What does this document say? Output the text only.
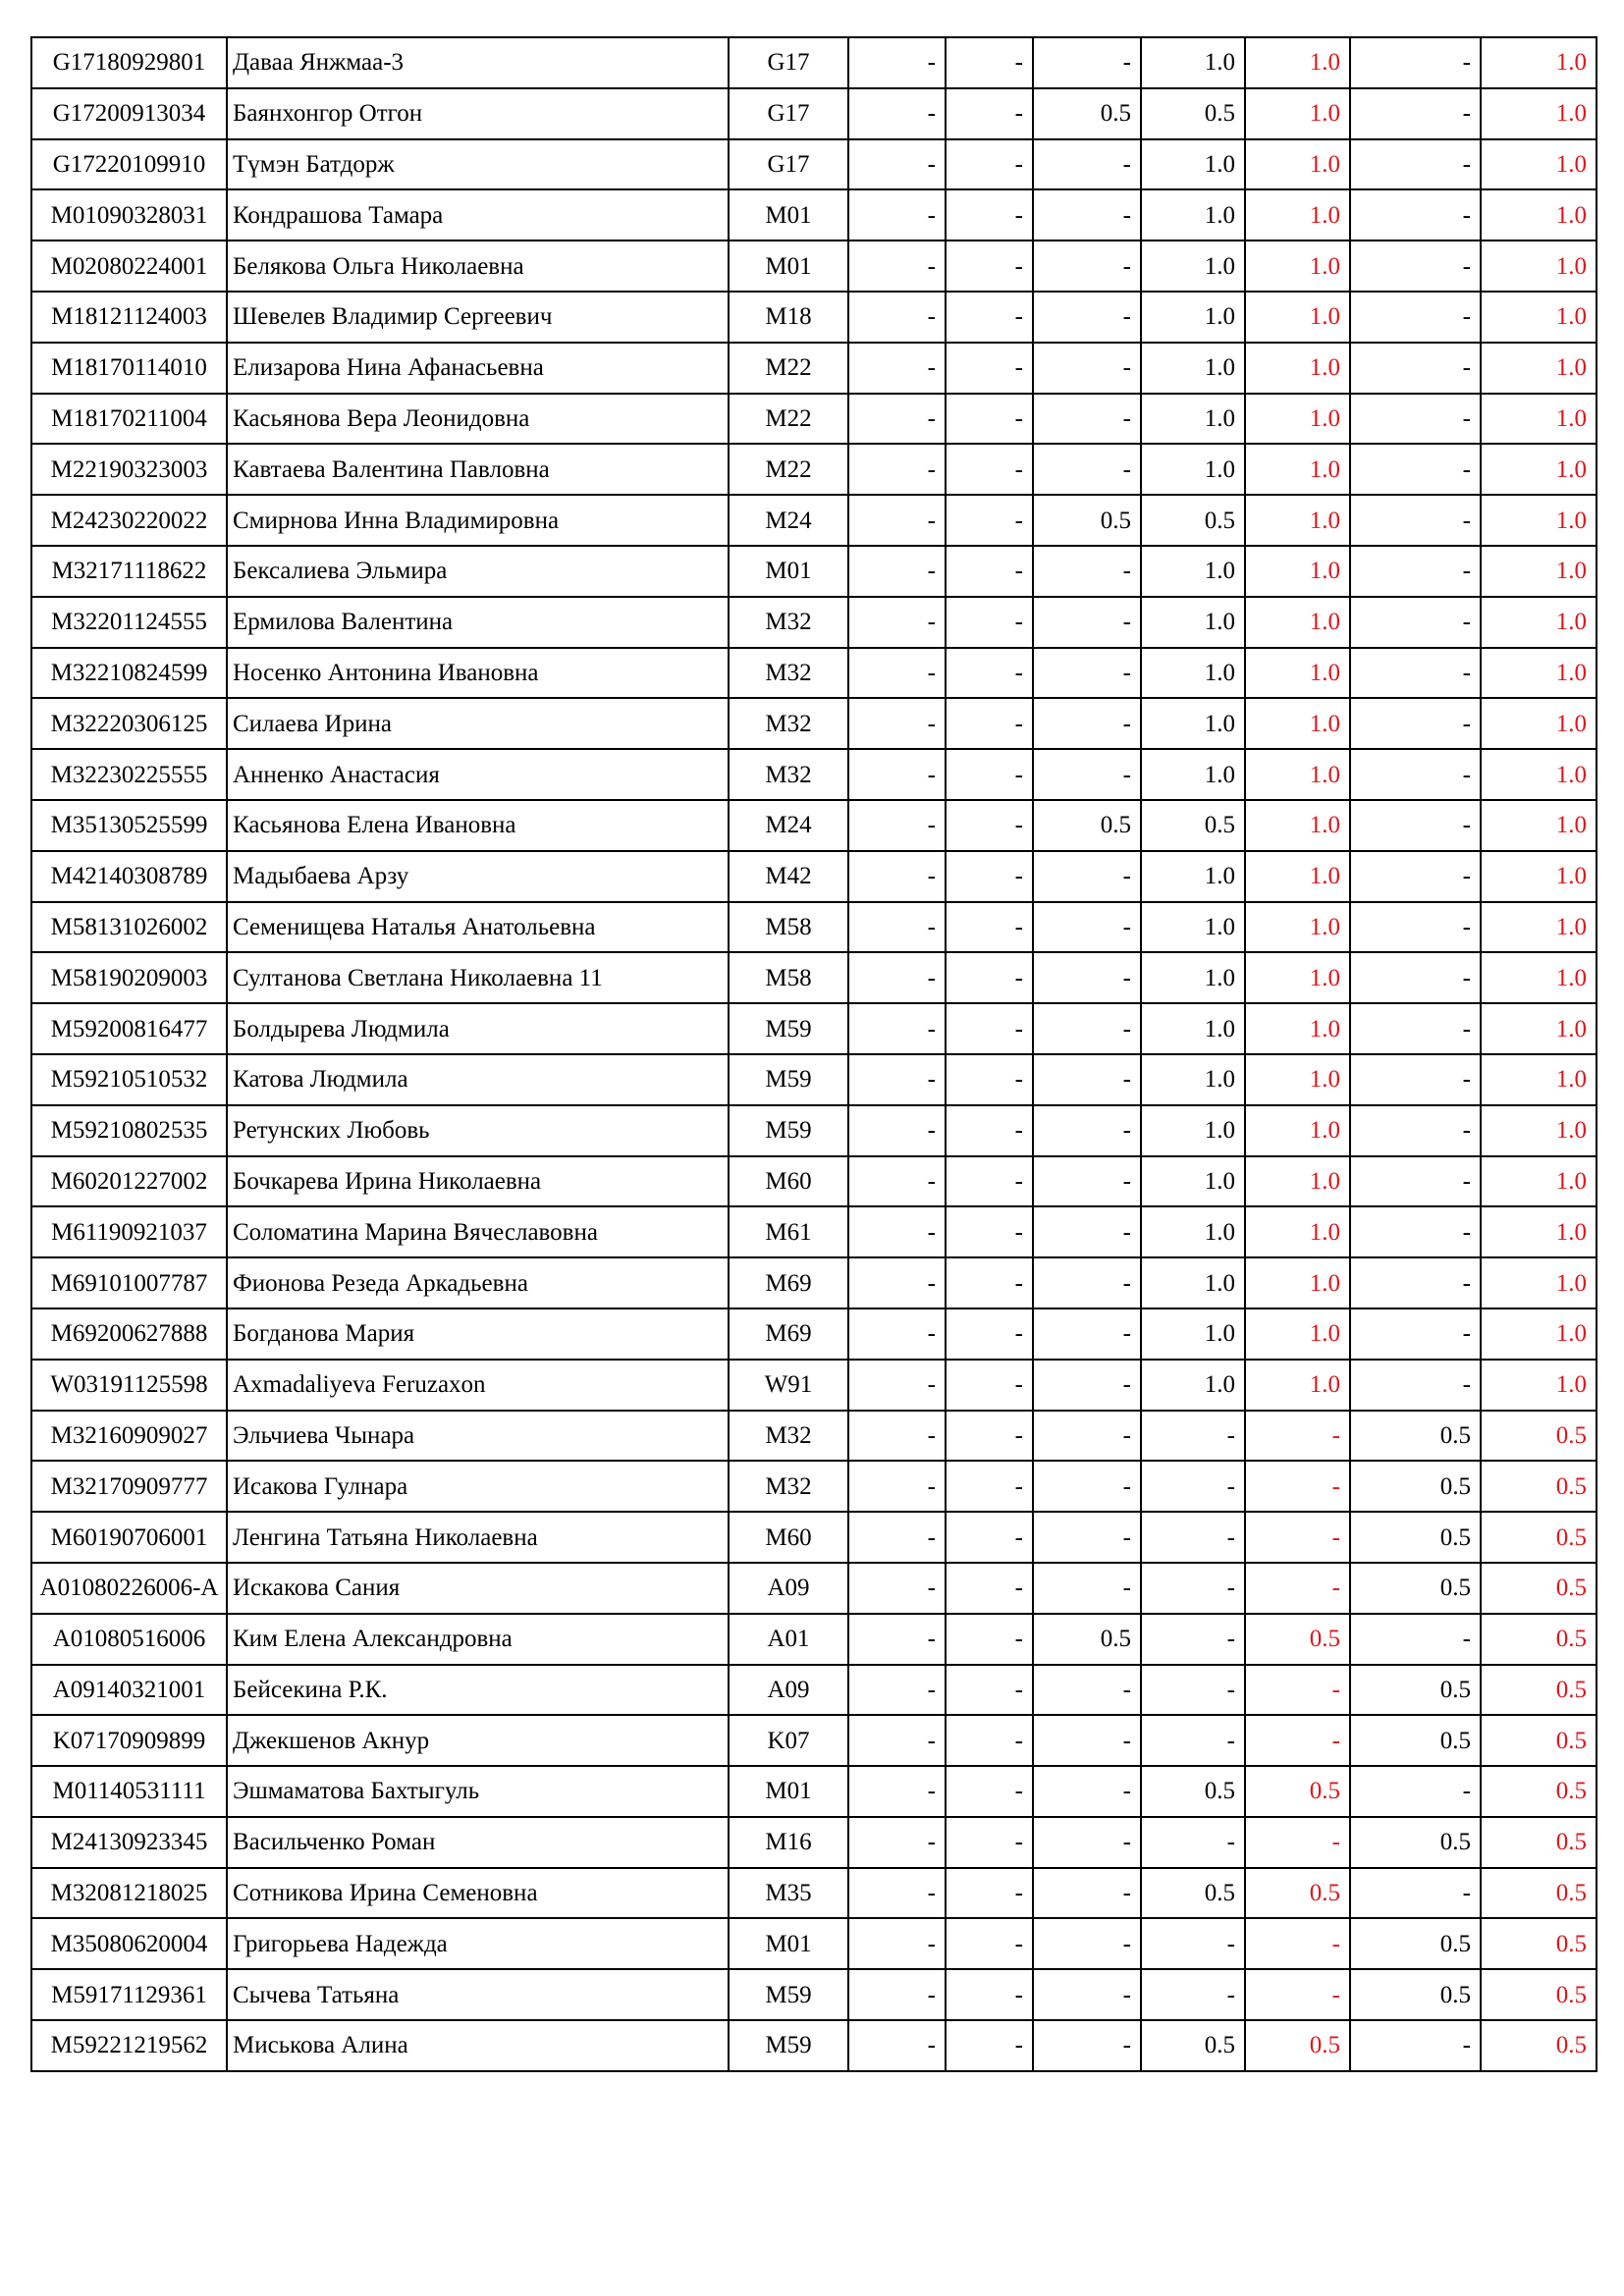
G17180929801	Даваа Янжмаа-3	G17	-	-	-	1.0	1.0	-	1.0
G17200913034	Баянхонгор Отгон	G17	-	-	0.5	0.5	1.0	-	1.0
G17220109910	Түмэн Батдорж	G17	-	-	-	1.0	1.0	-	1.0
M01090328031	Кондрашова Тамара	M01	-	-	-	1.0	1.0	-	1.0
M02080224001	Белякова Ольга Николаевна	M01	-	-	-	1.0	1.0	-	1.0
M18121124003	Шевелев Владимир Сергеевич	M18	-	-	-	1.0	1.0	-	1.0
M18170114010	Елизарова Нина Афанасьевна	M22	-	-	-	1.0	1.0	-	1.0
M18170211004	Касьянова Вера Леонидовна	M22	-	-	-	1.0	1.0	-	1.0
M22190323003	Кавтаева Валентина Павловна	M22	-	-	-	1.0	1.0	-	1.0
M24230220022	Смирнова Инна Владимировна	M24	-	-	0.5	0.5	1.0	-	1.0
M32171118622	Бексалиева Эльмира	M01	-	-	-	1.0	1.0	-	1.0
M32201124555	Ермилова Валентина	M32	-	-	-	1.0	1.0	-	1.0
M32210824599	Носенко Антонина Ивановна	M32	-	-	-	1.0	1.0	-	1.0
M32220306125	Силаева Ирина	M32	-	-	-	1.0	1.0	-	1.0
M32230225555	Анненко Анастасия	M32	-	-	-	1.0	1.0	-	1.0
M35130525599	Касьянова Елена Ивановна	M24	-	-	0.5	0.5	1.0	-	1.0
M42140308789	Мадыбаева Арзу	M42	-	-	-	1.0	1.0	-	1.0
M58131026002	Семенищева Наталья Анатольевна	M58	-	-	-	1.0	1.0	-	1.0
M58190209003	Султанова Светлана Николаевна 11	M58	-	-	-	1.0	1.0	-	1.0
M59200816477	Болдырева Людмила	M59	-	-	-	1.0	1.0	-	1.0
M59210510532	Катова Людмила	M59	-	-	-	1.0	1.0	-	1.0
M59210802535	Ретунских Любовь	M59	-	-	-	1.0	1.0	-	1.0
M60201227002	Бочкарева Ирина Николаевна	M60	-	-	-	1.0	1.0	-	1.0
M61190921037	Соломатина Марина Вячеславовна	M61	-	-	-	1.0	1.0	-	1.0
M69101007787	Фионова Резеда Аркадьевна	M69	-	-	-	1.0	1.0	-	1.0
M69200627888	Богданова Мария	M69	-	-	-	1.0	1.0	-	1.0
W03191125598	Axmadaliyeva Feruzaxon	W91	-	-	-	1.0	1.0	-	1.0
M32160909027	Эльчиева Чынара	M32	-	-	-	-	-	0.5	0.5
M32170909777	Исакова Гулнара	M32	-	-	-	-	-	0.5	0.5
M60190706001	Ленгина Татьяна Николаевна	M60	-	-	-	-	-	0.5	0.5
A01080226006-A	Искакова Сания	A09	-	-	-	-	-	0.5	0.5
A01080516006	Ким Елена Александровна	A01	-	-	0.5	-	0.5	-	0.5
A09140321001	Бейсекина Р.К.	A09	-	-	-	-	-	0.5	0.5
K07170909899	Джекшенов Акнур	K07	-	-	-	-	-	0.5	0.5
M01140531111	Эшмаматова Бахтыгуль	M01	-	-	-	0.5	0.5	-	0.5
M24130923345	Васильченко Роман	M16	-	-	-	-	-	0.5	0.5
M32081218025	Сотникова Ирина Семеновна	M35	-	-	-	0.5	0.5	-	0.5
M35080620004	Григорьева Надежда	M01	-	-	-	-	-	0.5	0.5
M59171129361	Сычева Татьяна	M59	-	-	-	-	-	0.5	0.5
M59221219562	Миськова Алина	M59	-	-	-	0.5	0.5	-	0.5
